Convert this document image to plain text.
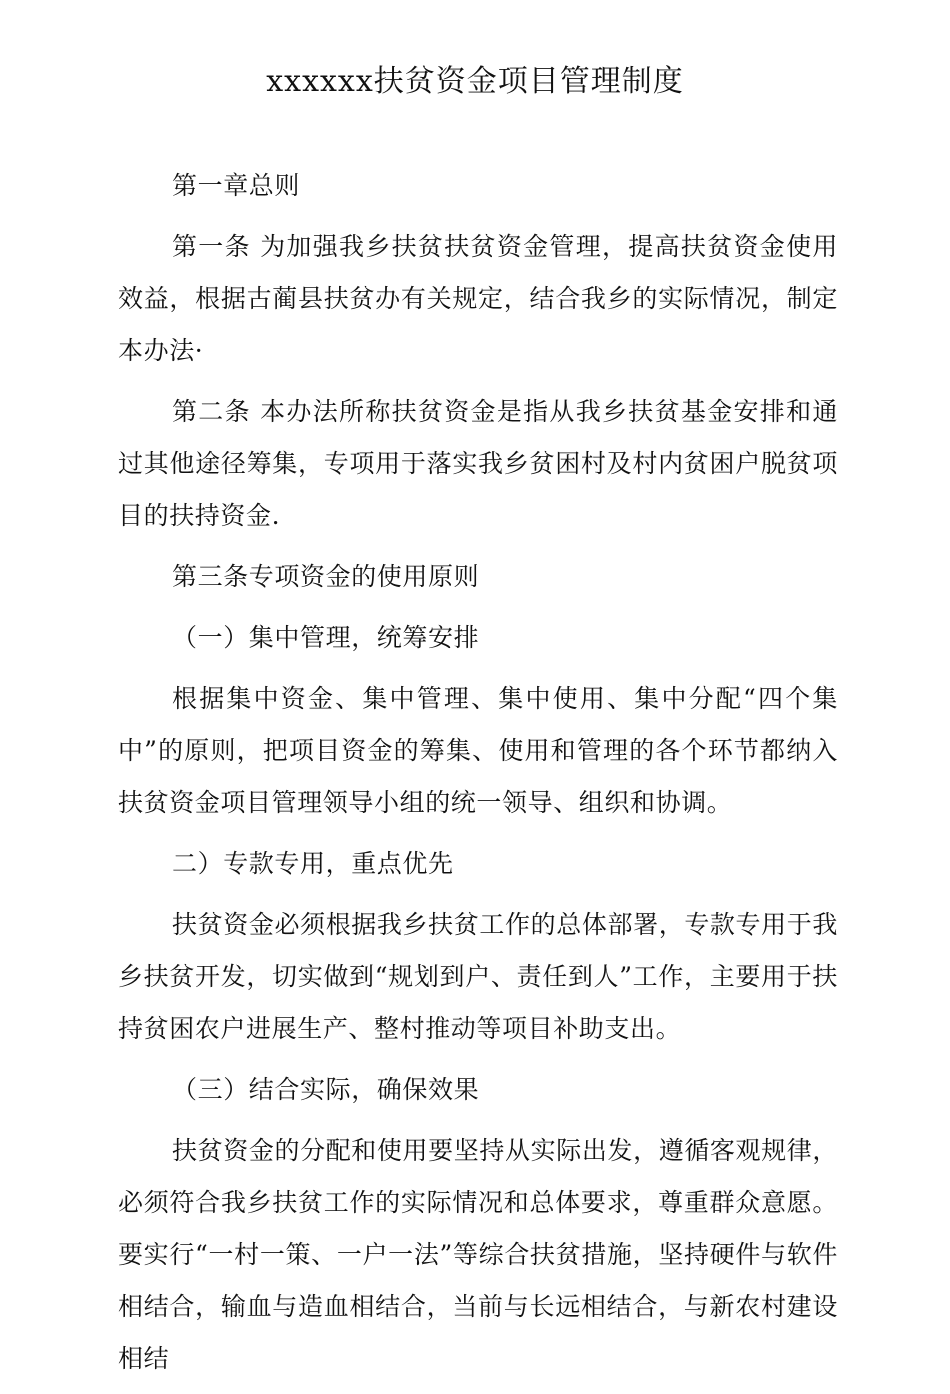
xxxxxx扶贫资金项目管理制度

第一章总则

第一条 为加强我乡扶贫扶贫资金管理，提高扶贫资金使用效益，根据古蔺县扶贫办有关规定，结合我乡的实际情况，制定本办法·

第二条 本办法所称扶贫资金是指从我乡扶贫基金安排和通过其他途径筹集，专项用于落实我乡贫困村及村内贫困户脱贫项目的扶持资金.

第三条专项资金的使用原则

（一）集中管理，统筹安排

根据集中资金、集中管理、集中使用、集中分配“四个集中”的原则，把项目资金的筹集、使用和管理的各个环节都纳入扶贫资金项目管理领导小组的统一领导、组织和协调。

二）专款专用，重点优先

扶贫资金必须根据我乡扶贫工作的总体部署，专款专用于我乡扶贫开发，切实做到“规划到户、责任到人”工作，主要用于扶持贫困农户进展生产、整村推动等项目补助支出。

（三）结合实际，确保效果

扶贫资金的分配和使用要坚持从实际出发，遵循客观规律，必须符合我乡扶贫工作的实际情况和总体要求，尊重群众意愿。要实行“一村一策、一户一法”等综合扶贫措施，坚持硬件与软件相结合，输血与造血相结合，当前与长远相结合，与新农村建设相结
